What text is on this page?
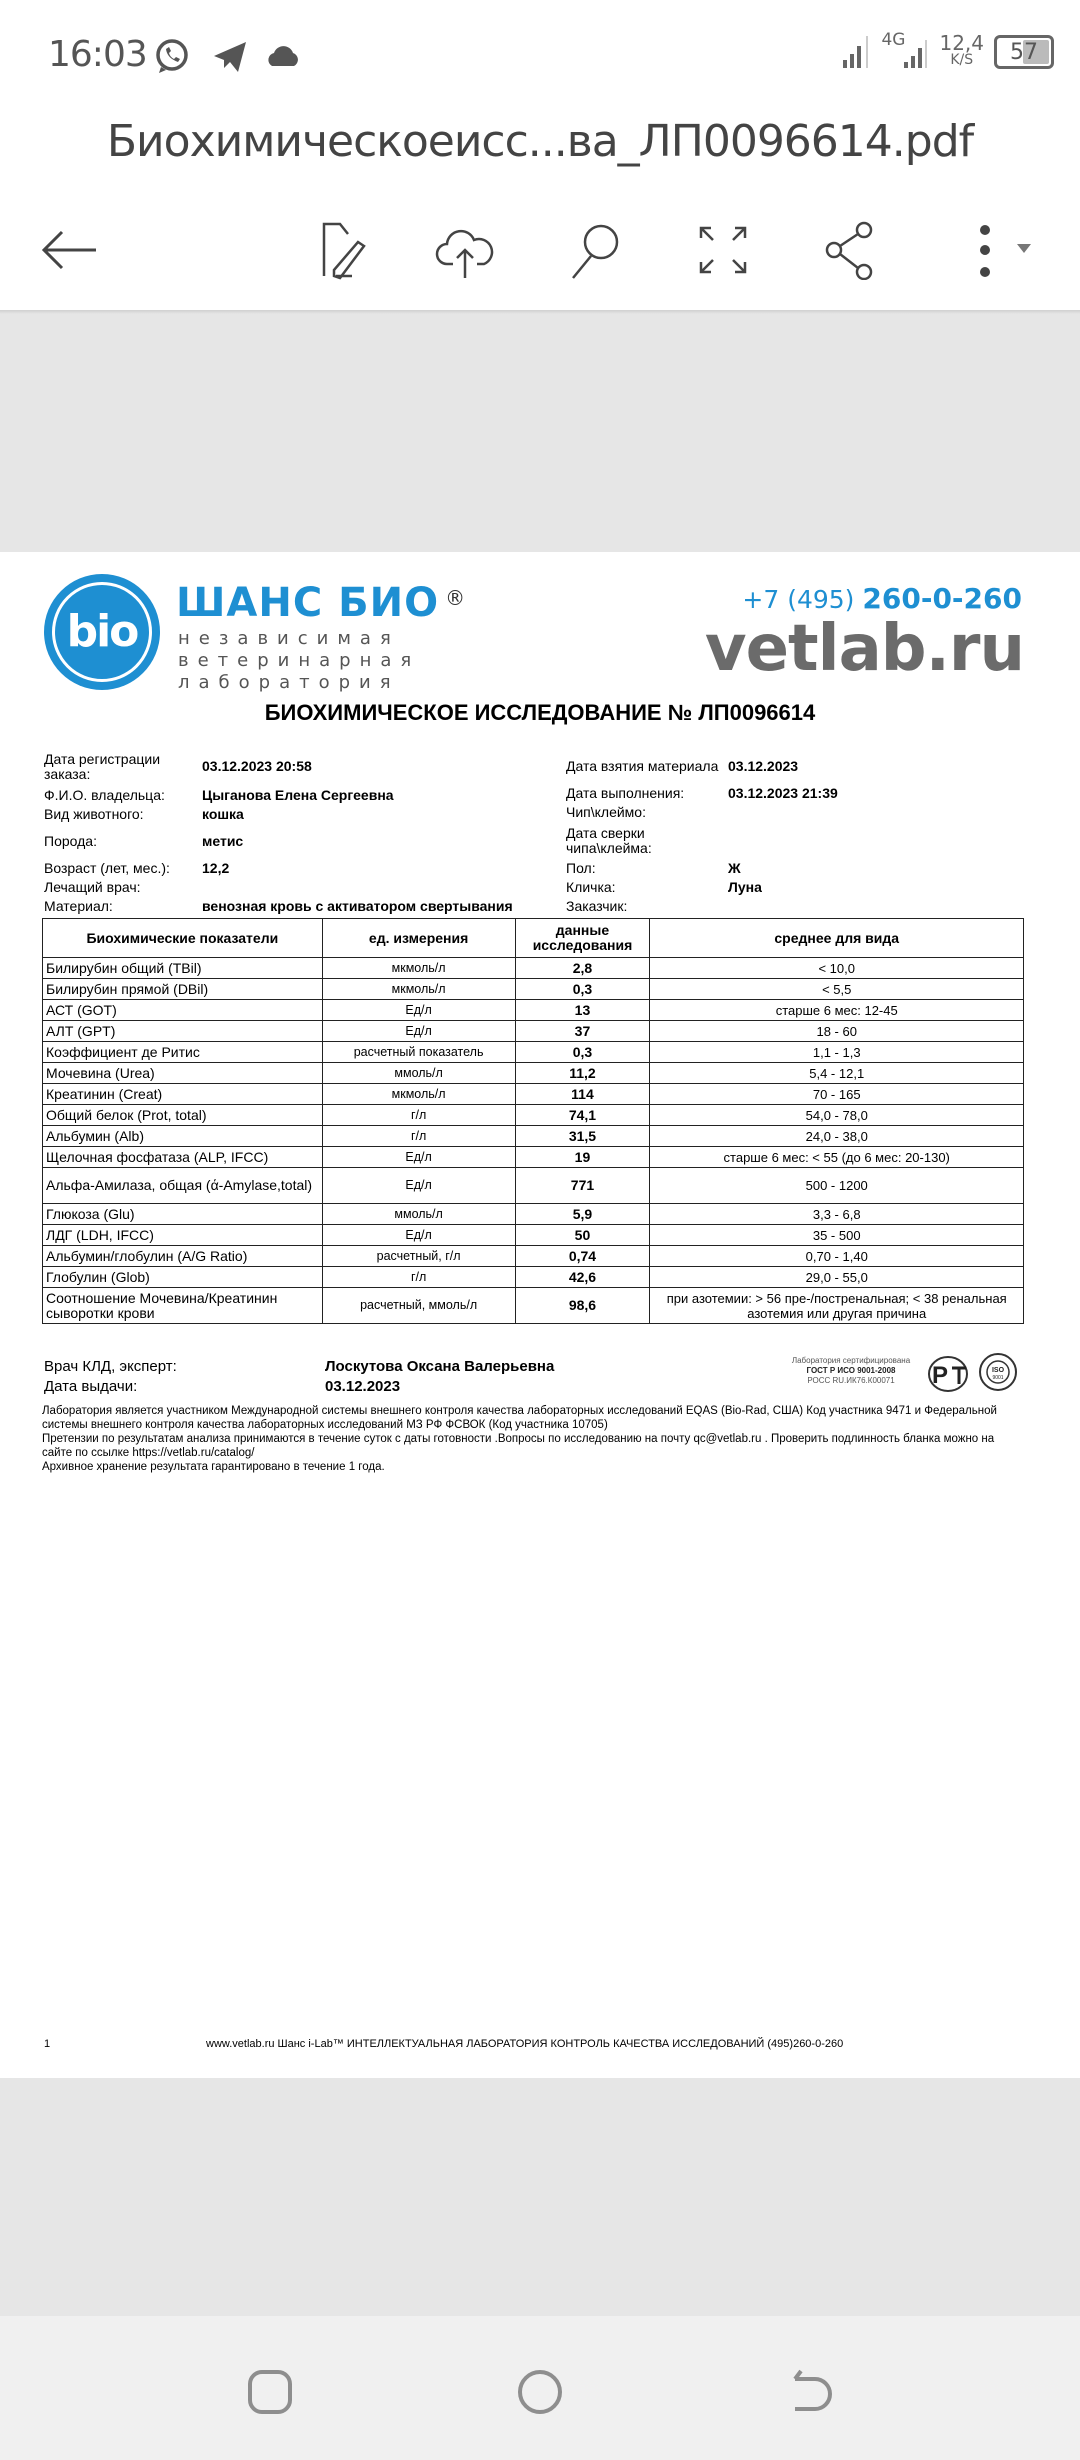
16:03	4G 12,4
K/S	57
Биохимическоеисс...ва_ЛП0096614.pdf
bio
ШАНС БИО ®
независимая
ветеринарная
лаборатория
+7 (495) 260-0-260
vetlab.ru
БИОХИМИЧЕСКОЕ ИССЛЕДОВАНИЕ № ЛП0096614
Дата регистрации заказа:	03.12.2023 20:58
Ф.И.О. владельца:	Цыганова Елена Сергеевна
Вид животного:	кошка
Порода:	метис
Возраст (лет, мес.): 12,2
Лечащий врач:
Материал:	венозная кровь с активатором свертывания
Дата взятия материала 03.12.2023
Дата выполнения:	03.12.2023 21:39
Чип\клеймо:
Дата сверки чипа\клейма:
Пол:	Ж
Кличка:	Луна
Заказчик:
Биохимические показатели	ед. измерения	данные исследования	среднее для вида
Билирубин общий (TBil)	мкмоль/л	2,8	< 10,0
Билирубин прямой (DBil)	мкмоль/л	0,3	< 5,5
АСТ (GOT)	Ед/л	13	старше 6 мес: 12-45
АЛТ (GPT)	Ед/л	37	18 - 60
Коэффициент де Ритис	расчетный показатель	0,3	1,1 - 1,3
Мочевина (Urea)	ммоль/л	11,2	5,4 - 12,1
Креатинин (Creat)	мкмоль/л	114	70 - 165
Общий белок (Prot, total)	г/л	74,1	54,0 - 78,0
Альбумин (Alb)	г/л	31,5	24,0 - 38,0
Щелочная фосфатаза (ALP, IFCC)	Ед/л	19	старше 6 мес: < 55 (до 6 мес: 20-130)
Альфа-Амилаза, общая (ά-Amylase,total)	Ед/л	771	500 - 1200
Глюкоза (Glu)	ммоль/л	5,9	3,3 - 6,8
ЛДГ (LDH, IFCC)	Ед/л	50	35 - 500
Альбумин/глобулин (A/G Ratio)	расчетный, г/л	0,74	0,70 - 1,40
Глобулин (Glob)	г/л	42,6	29,0 - 55,0
Соотношение Мочевина/Креатинин сыворотки крови	расчетный, ммоль/л	98,6	при азотемии: > 56 пре-/постренальная; < 38 ренальная азотемия или другая причина
Врач КЛД, эксперт:	Лоскутова Оксана Валерьевна
Дата выдачи:	03.12.2023
Лаборатория сертифицирована
ГОСТ Р ИСО 9001-2008
РОСС RU.ИК76.К00071	P	ISO
9001
Лаборатория является участником Международной системы внешнего контроля качества лабораторных исследований EQAS (Bio-Rad, США) Код участника 9471 и Федеральной системы внешнего контроля качества лабораторных исследований МЗ РФ ФСВОК (Код участника 10705)
Претензии по результатам анализа принимаются в течение суток с даты готовности .Вопросы по исследованию на почту qc@vetlab.ru . Проверить подлинность бланка можно на сайте по ссылке https://vetlab.ru/catalog/
Архивное хранение результата гарантировано в течение 1 года.
1	www.vetlab.ru Шанс i-Lab™ ИНТЕЛЛЕКТУАЛЬНАЯ ЛАБОРАТОРИЯ КОНТРОЛЬ КАЧЕСТВА ИССЛЕДОВАНИЙ (495)260-0-260
